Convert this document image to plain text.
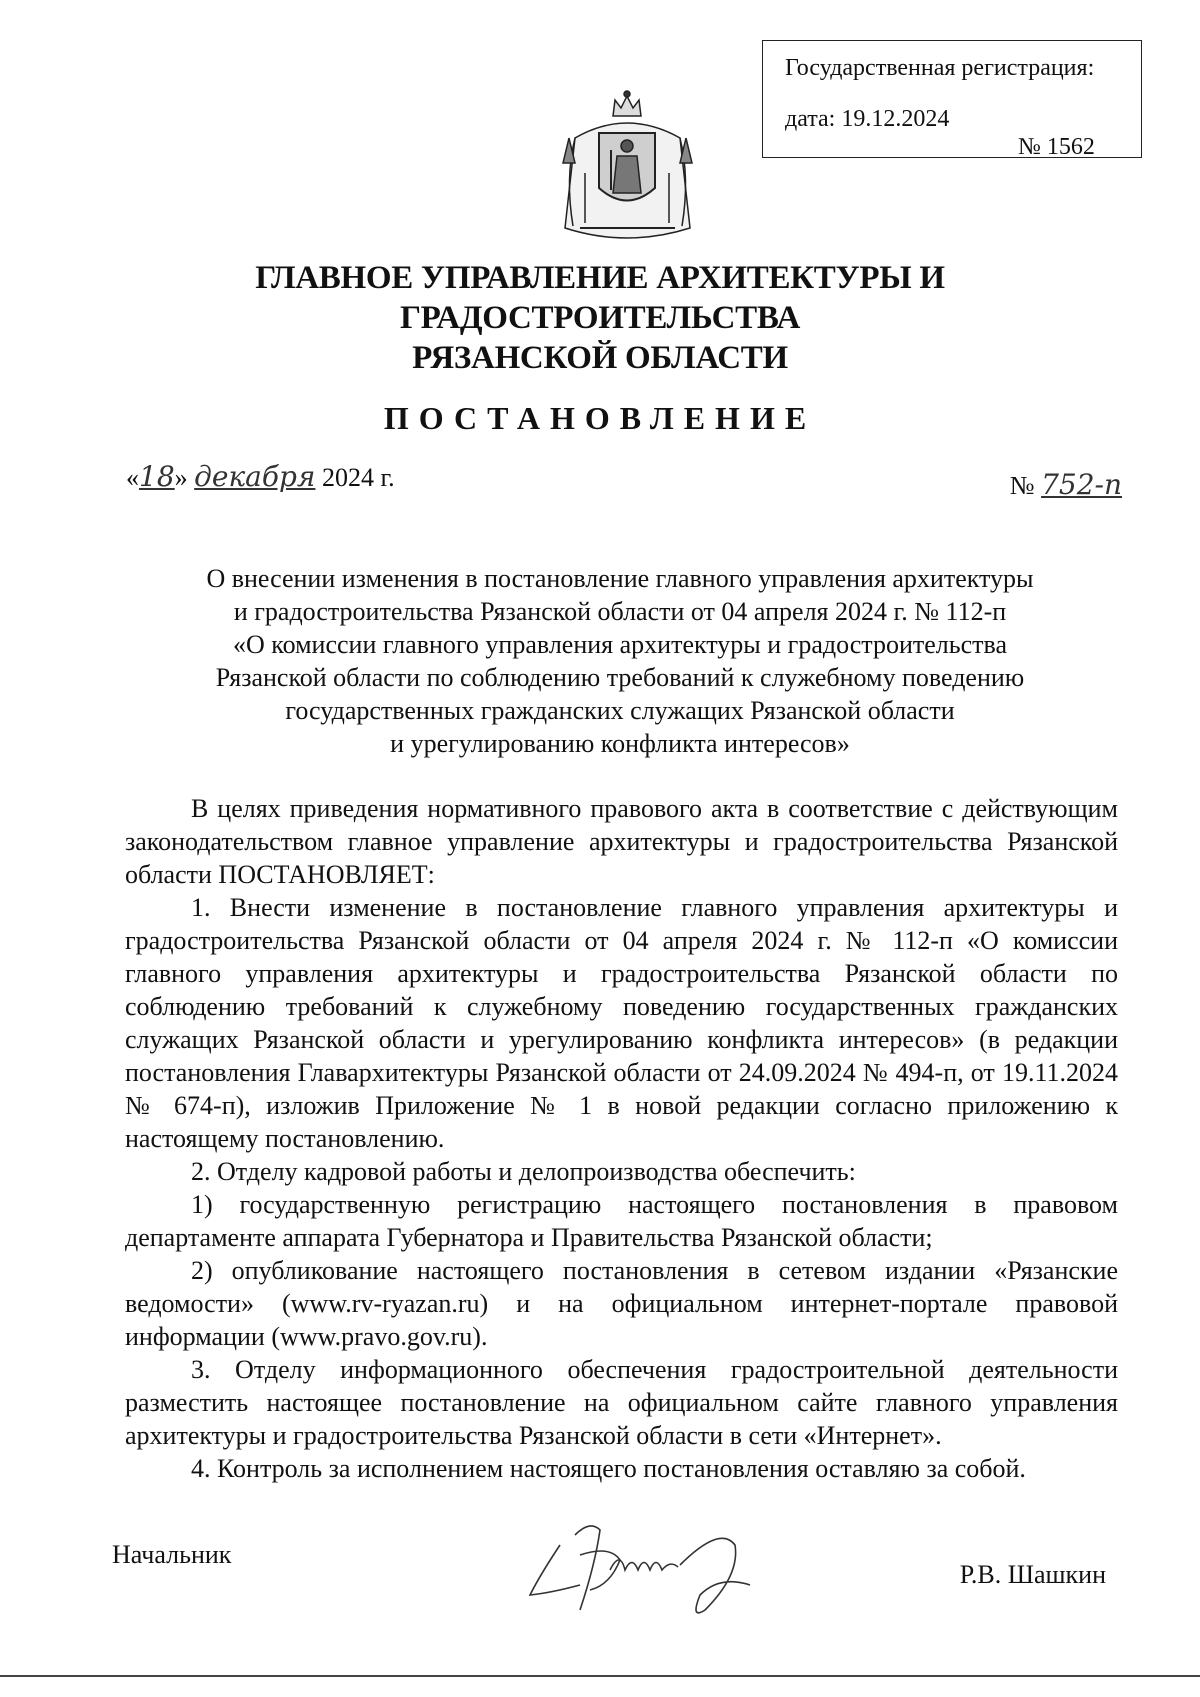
Государственная регистрация:
дата: 19.12.2024
№ 1562
ГЛАВНОЕ УПРАВЛЕНИЕ АРХИТЕКТУРЫ И ГРАДОСТРОИТЕЛЬСТВА
РЯЗАНСКОЙ ОБЛАСТИ
ПОСТАНОВЛЕНИЕ
«18» декабря 2024 г.	№ 752-п
О внесении изменения в постановление главного управления архитектуры
и градостроительства Рязанской области от 04 апреля 2024 г. № 112-п
«О комиссии главного управления архитектуры и градостроительства
Рязанской области по соблюдению требований к служебному поведению
государственных гражданских служащих Рязанской области
и урегулированию конфликта интересов»

В целях приведения нормативного правового акта в соответствие с действующим законодательством главное управление архитектуры и градостроительства Рязанской области ПОСТАНОВЛЯЕТ:

1. Внести изменение в постановление главного управления архитектуры и градостроительства Рязанской области от 04 апреля 2024 г. № 112-п «О комиссии главного управления архитектуры и градостроительства Рязанской области по соблюдению требований к служебному поведению государственных гражданских служащих Рязанской области и урегулированию конфликта интересов» (в редакции постановления Главархитектуры Рязанской области от 24.09.2024 № 494-п, от 19.11.2024 № 674-п), изложив Приложение № 1 в новой редакции согласно приложению к настоящему постановлению.

2. Отделу кадровой работы и делопроизводства обеспечить:

1) государственную регистрацию настоящего постановления в правовом департаменте аппарата Губернатора и Правительства Рязанской области;

2) опубликование настоящего постановления в сетевом издании «Рязанские ведомости» (www.rv-ryazan.ru) и на официальном интернет-портале правовой информации (www.pravo.gov.ru).

3. Отделу информационного обеспечения градостроительной деятельности разместить настоящее постановление на официальном сайте главного управления архитектуры и градостроительства Рязанской области в сети «Интернет».

4. Контроль за исполнением настоящего постановления оставляю за собой.

Начальник
Р.В. Шашкин
